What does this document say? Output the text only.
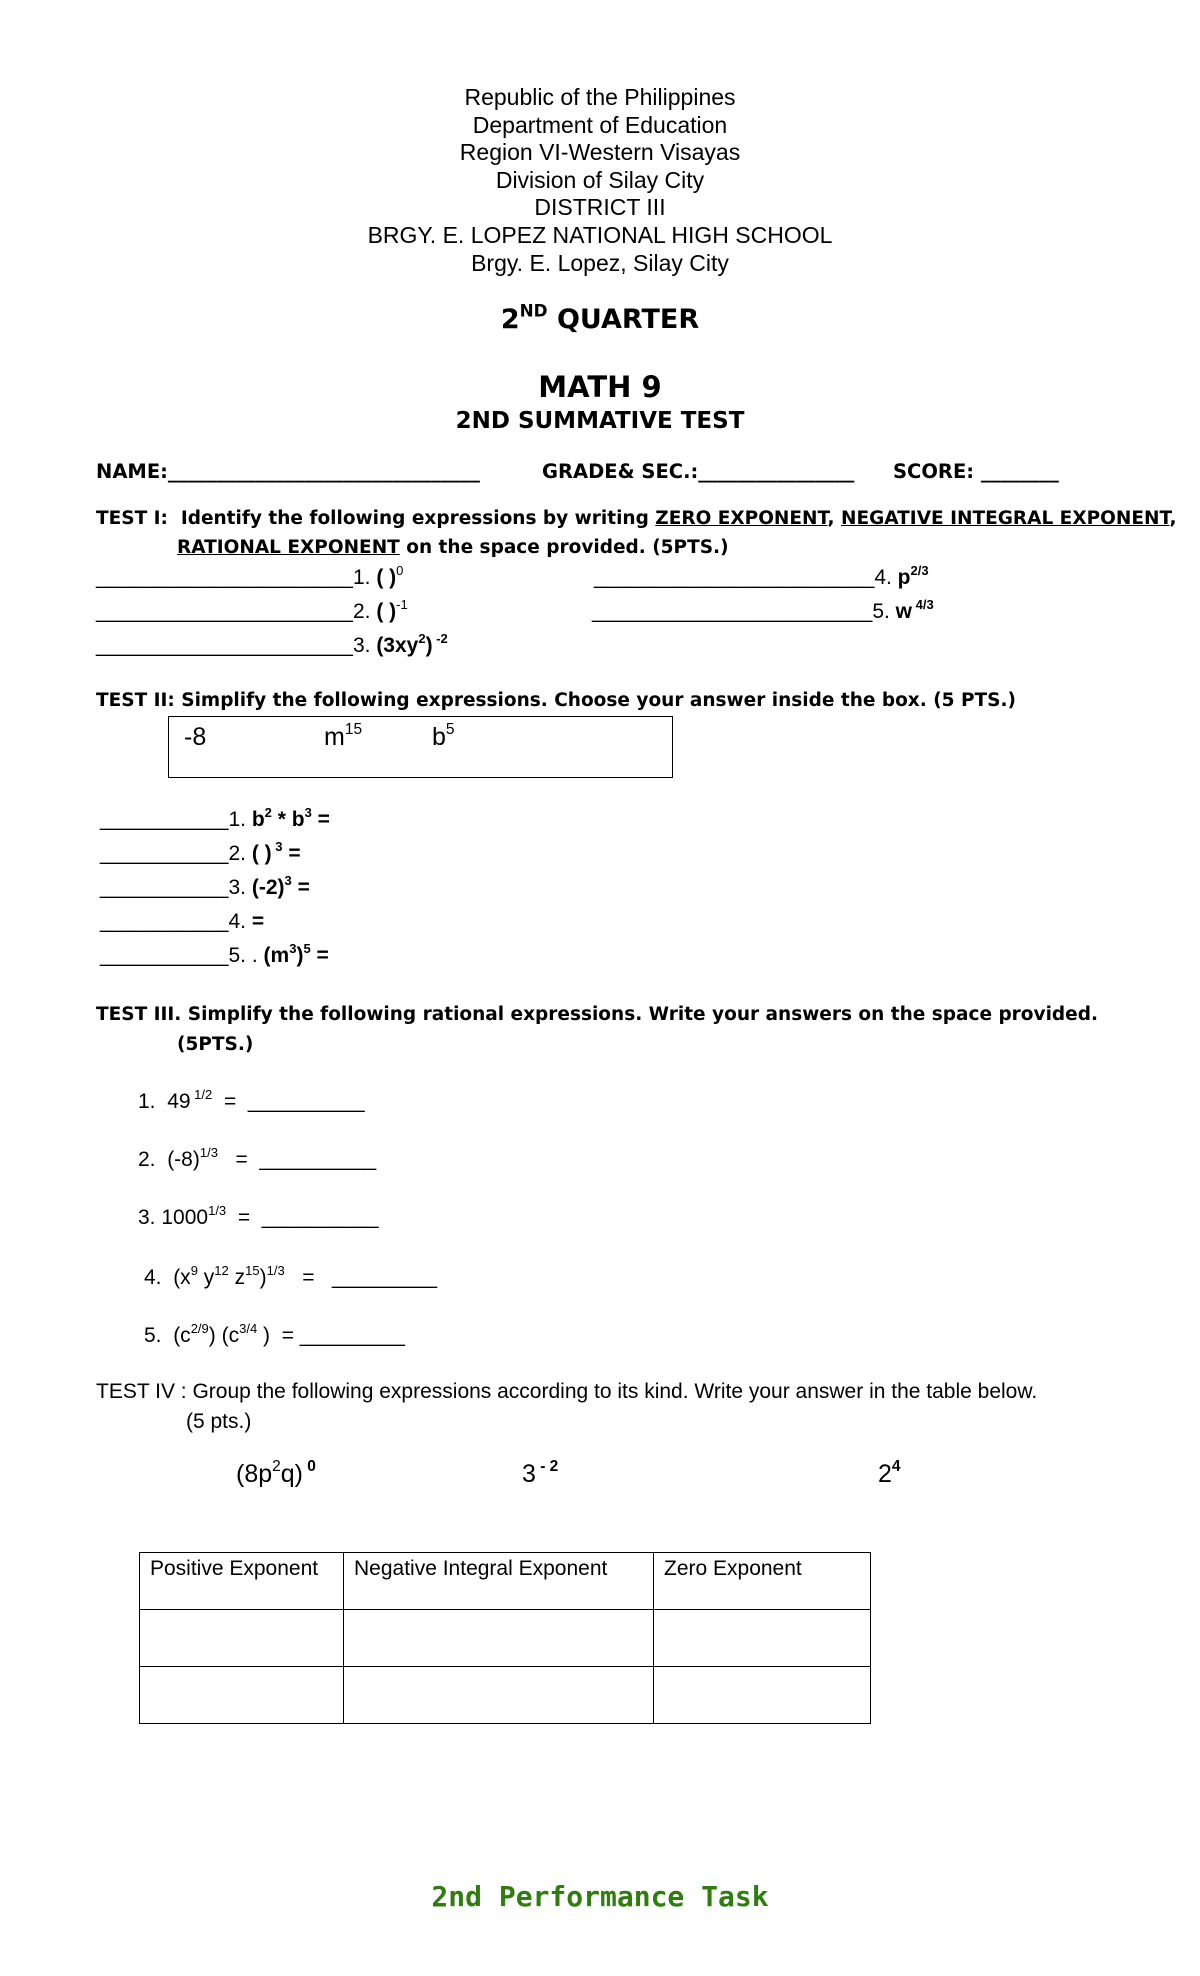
Republic of the Philippines
Department of Education
Region VI-Western Visayas
Division of Silay City
DISTRICT III
BRGY. E. LOPEZ NATIONAL HIGH SCHOOL
Brgy. E. Lopez, Silay City
2ND QUARTER
MATH 9
2ND SUMMATIVE TEST
NAME:________________________________	GRADE& SEC.:________________ SCORE: ________
TEST I: Identify the following expressions by writing ZERO EXPONENT, NEGATIVE INTEGRAL EXPONENT,
RATIONAL EXPONENT on the space provided. (5PTS.)
______________________1. ( )$^0$
______________________2. ( )$^{-1}$
______________________3. $(3xy^2)$ $^{-2}$
________________________4. $p^{2/3}$
________________________5. w $^{4/3}$
TEST II: Simplify the following expressions. Choose your answer inside the box. (5 PTS.)
-8	$m^{15}$	$b^5$
___________1. $b^2 * b^3$ =
___________2. ( ) $^3$ =
___________3. $(-2)^3$ =
___________4. =
___________5. . $(m^3)^5$ =
TEST III. Simplify the following rational expressions. Write your answers on the space provided.
(5PTS.)
1. 49 $^{1/2}$ = __________
2. $(-8)^{1/3}$ = __________
3. $1000^{1/3}$ = __________
4. ($x^9$ $y^{12}$ $z^{15})^{1/3}$ = _________
5. $(c^{2/9})$ ($c^{3/4}$ ) = _________
TEST IV : Group the following expressions according to its kind. Write your answer in the table below.
(5 pts.)
$(8p^2q)$ $^0$	3 $^{- 2}$	$2^4$
Positive Exponent	Negative Integral Exponent	Zero Exponent

2nd Performance Task
